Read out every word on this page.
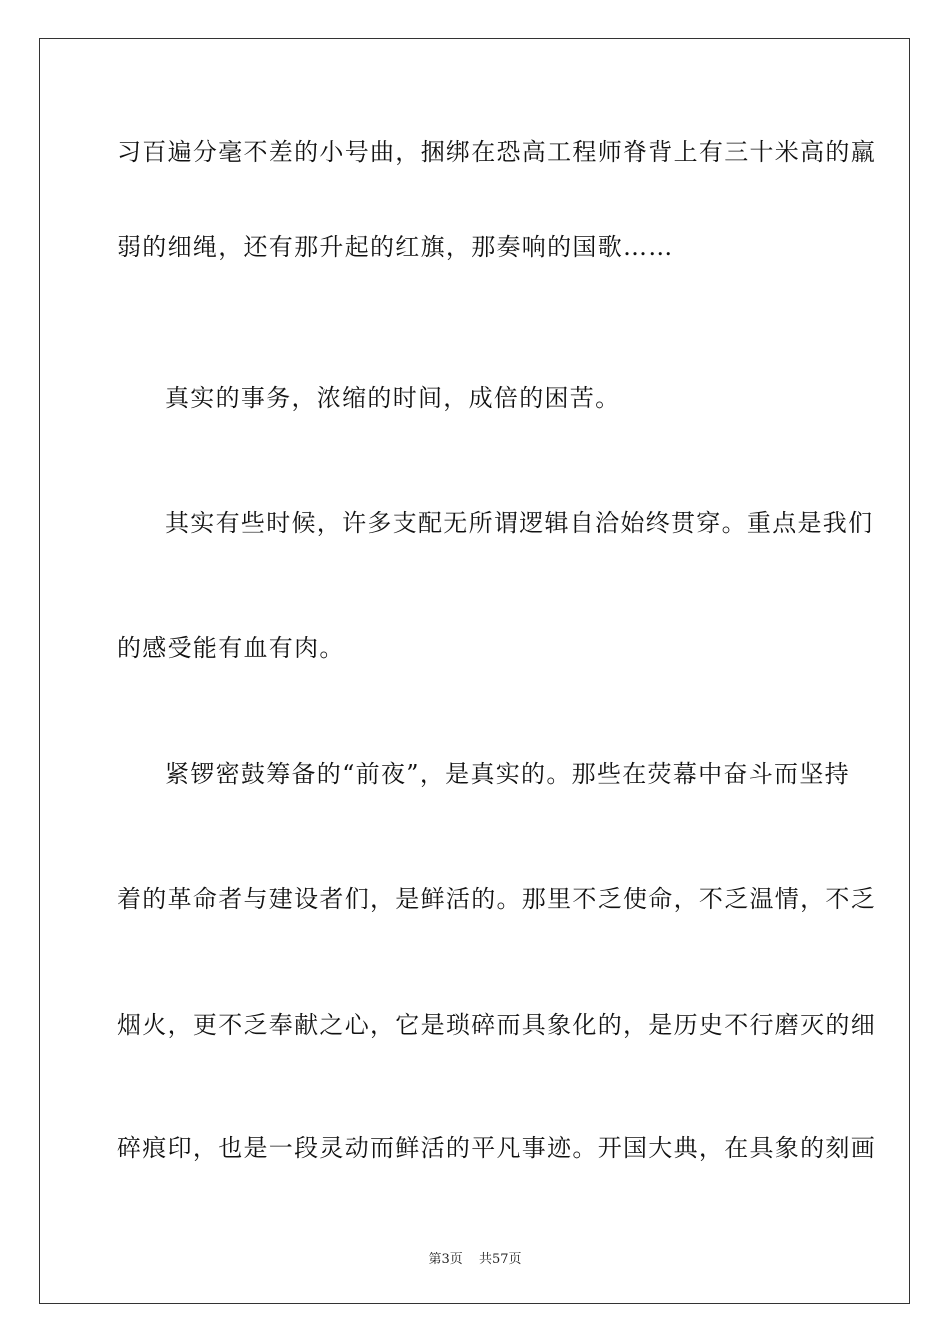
习百遍分毫不差的小号曲，捆绑在恐高工程师脊背上有三十米高的羸
弱的细绳，还有那升起的红旗，那奏响的国歌……
真实的事务，浓缩的时间，成倍的困苦。
其实有些时候，许多支配无所谓逻辑自洽始终贯穿。重点是我们
的感受能有血有肉。
紧锣密鼓筹备的“前夜”，是真实的。那些在荧幕中奋斗而坚持
着的革命者与建设者们，是鲜活的。那里不乏使命，不乏温情，不乏
烟火，更不乏奉献之心，它是琐碎而具象化的，是历史不行磨灭的细
碎痕印，也是一段灵动而鲜活的平凡事迹。开国大典，在具象的刻画
第3页 共57页
